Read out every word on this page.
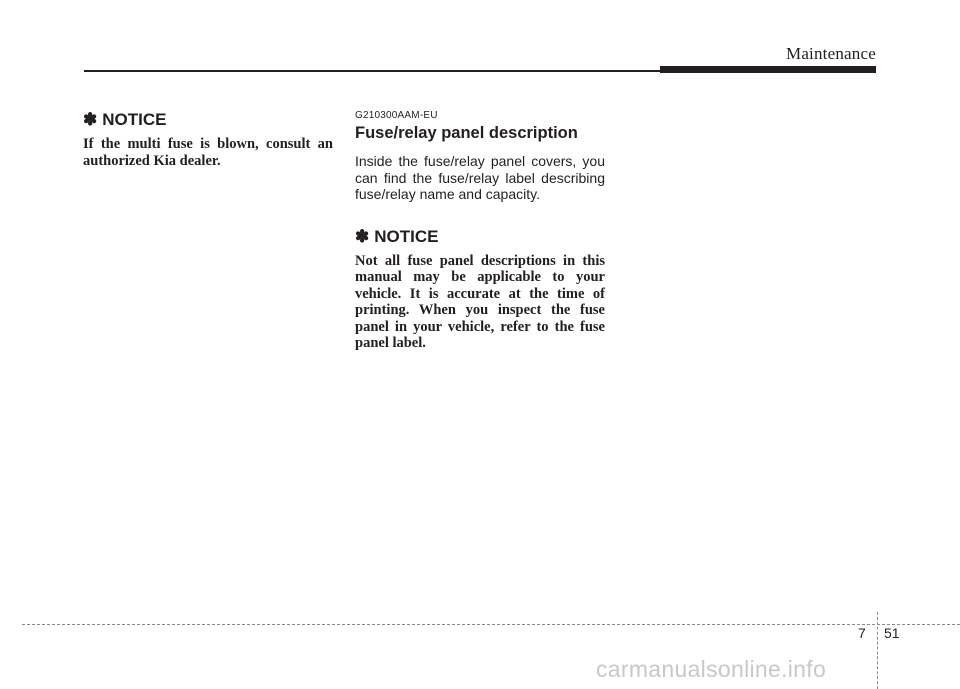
Maintenance
✽ NOTICE

If the multi fuse is blown, consult an authorized Kia dealer.

G210300AAM-EU
Fuse/relay panel description

Inside the fuse/relay panel covers, you can find the fuse/relay label describing fuse/relay name and capacity.

✽ NOTICE

Not all fuse panel descriptions in this manual may be applicable to your vehicle. It is accurate at the time of printing. When you inspect the fuse panel in your vehicle, refer to the fuse panel label.

7 51
carmanualsonline.info
